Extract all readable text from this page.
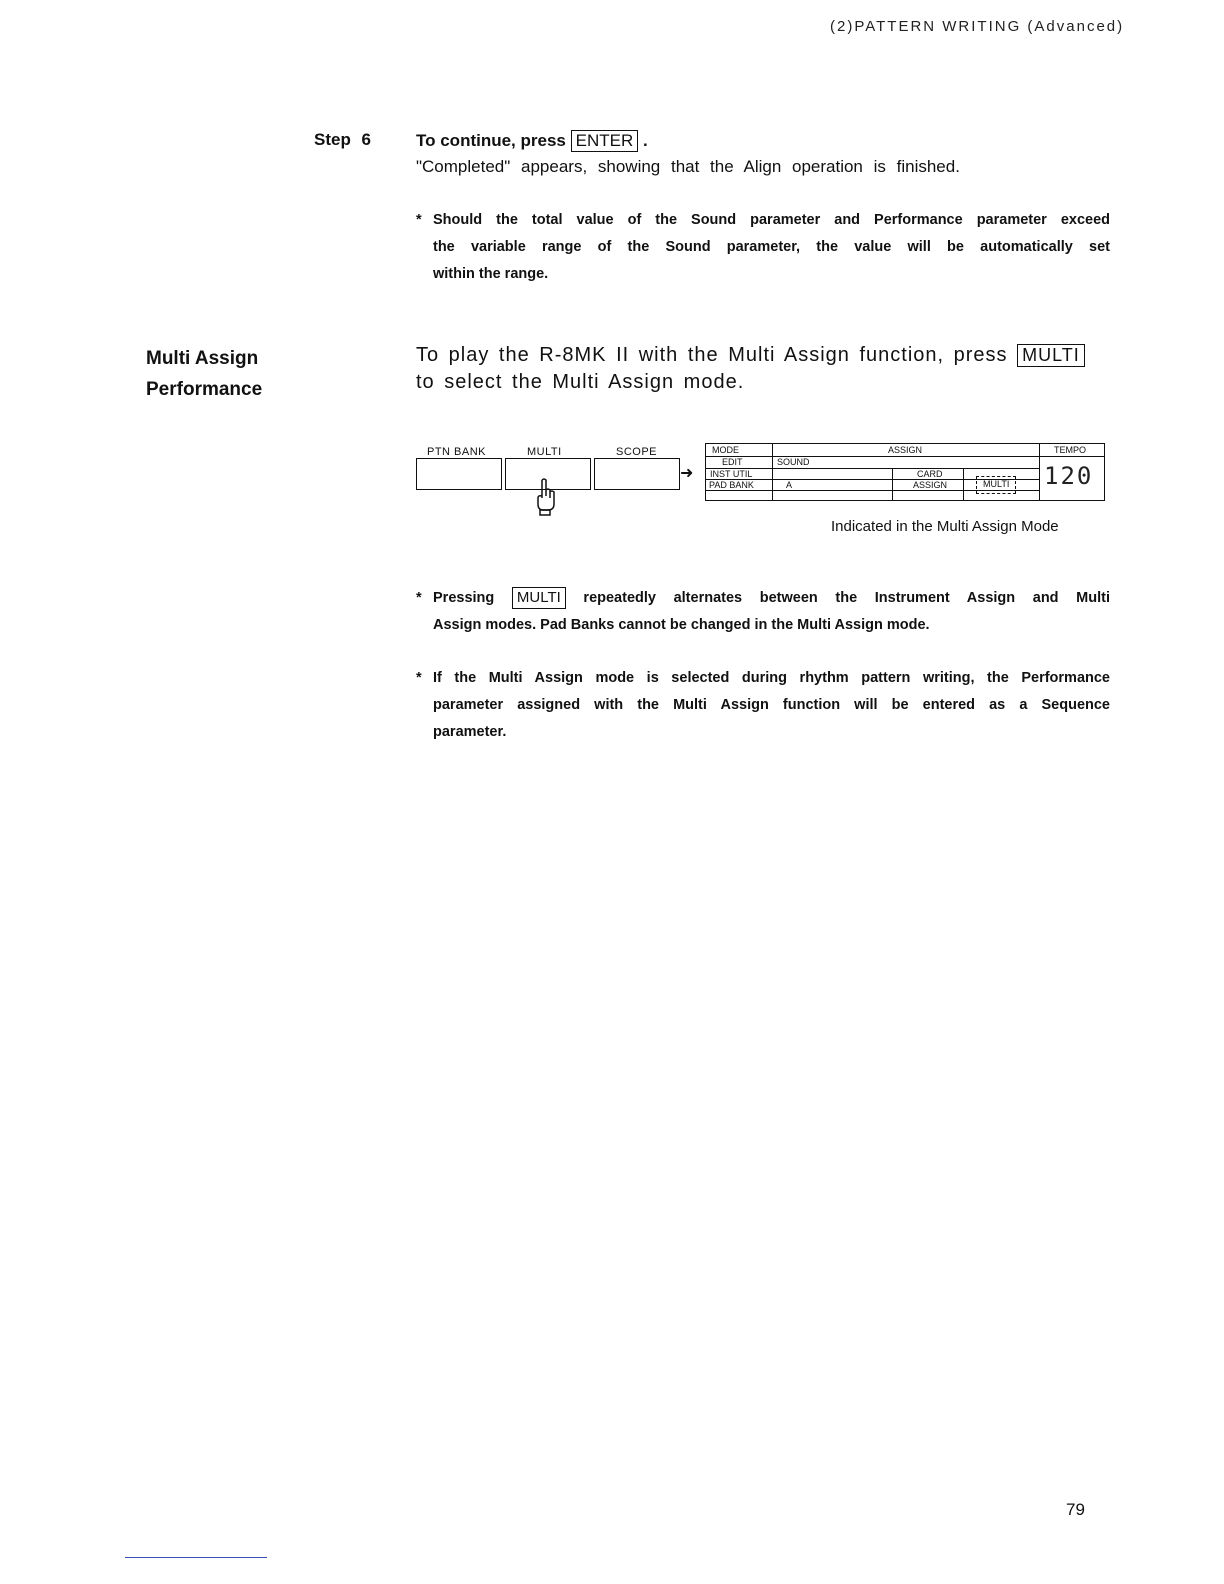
(2)PATTERN WRITING (Advanced)
Step 6	To continue, press ENTER .
"Completed" appears, showing that the Align operation is finished.
* Should the total value of the Sound parameter and Performance parameter exceed
the variable range of the Sound parameter, the value will be automatically set
within the range.
Multi Assign
Performance
To play the R-8MK II with the Multi Assign function, press MULTI
to select the Multi Assign mode.
PTN BANK	MULTI	SCOPE
➜
MODE	ASSIGN	TEMPO
EDIT	SOUND
INST UTIL	CARD
PAD BANK	A	ASSIGN	MULTI 120
Indicated in the Multi Assign Mode
* Pressing MULTI repeatedly alternates between the Instrument Assign and Multi
Assign modes. Pad Banks cannot be changed in the Multi Assign mode.
* If the Multi Assign mode is selected during rhythm pattern writing, the Performance
parameter assigned with the Multi Assign function will be entered as a Sequence
parameter.
79
